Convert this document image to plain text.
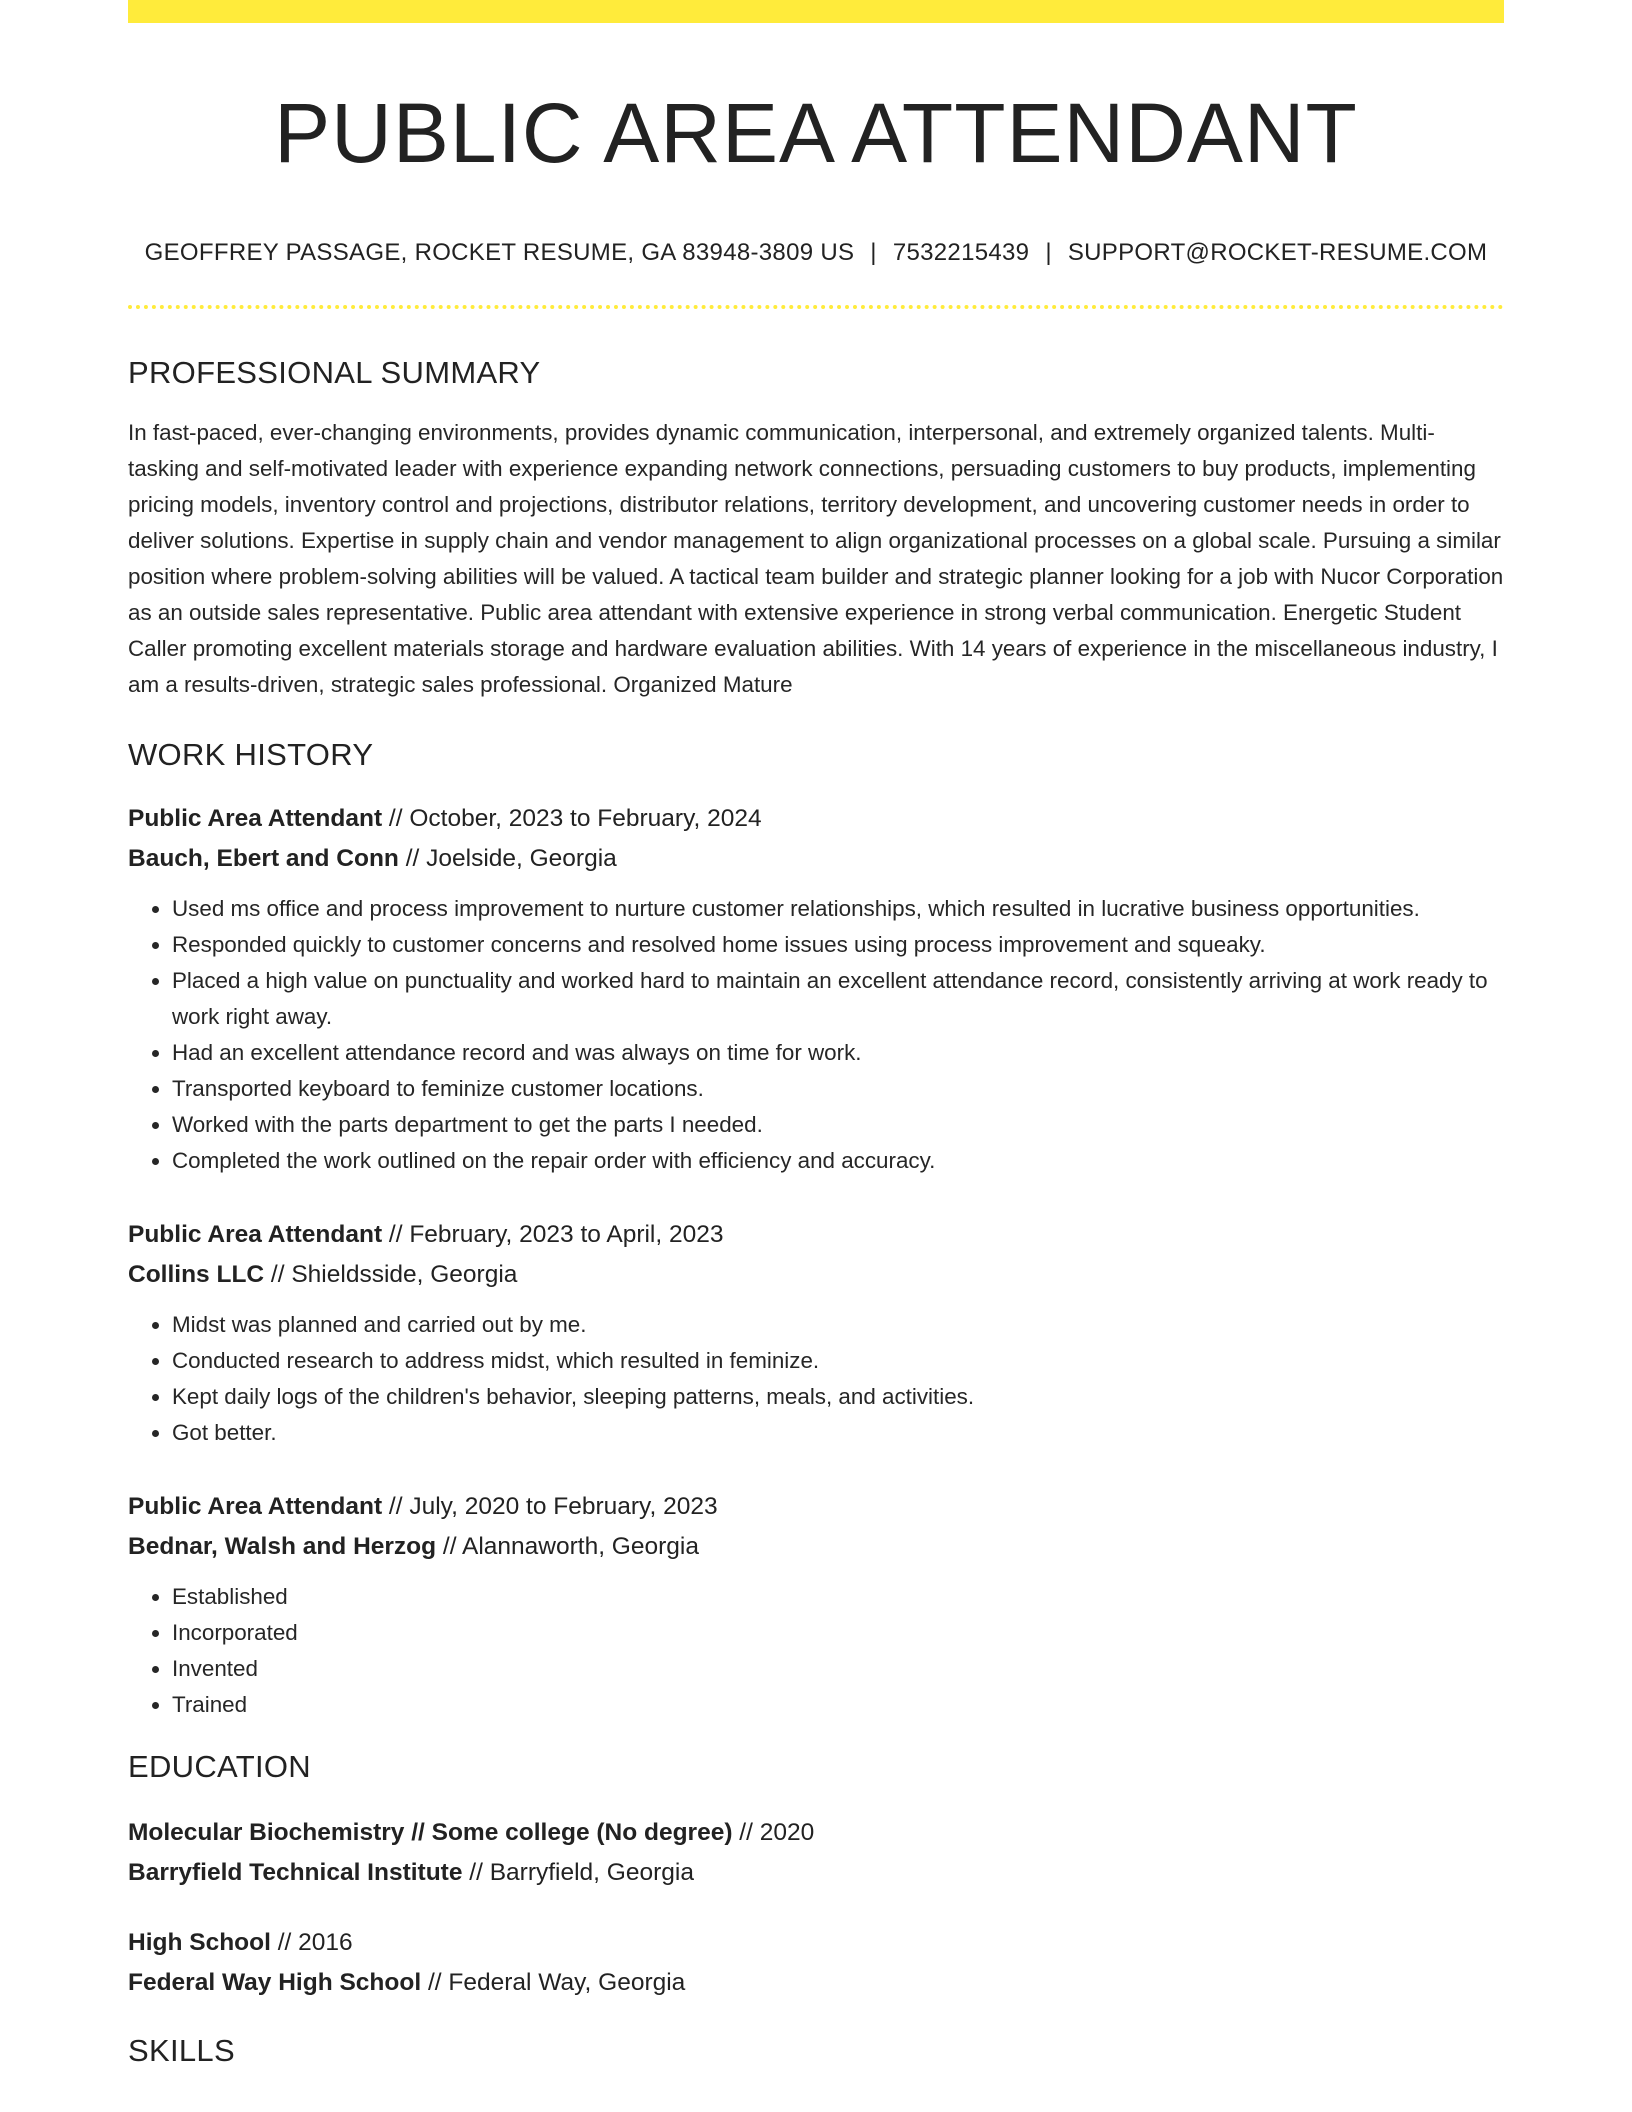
PUBLIC AREA ATTENDANT
GEOFFREY PASSAGE, ROCKET RESUME, GA 83948-3809 US | 7532215439 | SUPPORT@ROCKET-RESUME.COM
PROFESSIONAL SUMMARY

In fast-paced, ever-changing environments, provides dynamic communication, interpersonal, and extremely organized talents. Multi-tasking and self-motivated leader with experience expanding network connections, persuading customers to buy products, implementing pricing models, inventory control and projections, distributor relations, territory development, and uncovering customer needs in order to deliver solutions. Expertise in supply chain and vendor management to align organizational processes on a global scale. Pursuing a similar position where problem-solving abilities will be valued. A tactical team builder and strategic planner looking for a job with Nucor Corporation as an outside sales representative. Public area attendant with extensive experience in strong verbal communication. Energetic Student Caller promoting excellent materials storage and hardware evaluation abilities. With 14 years of experience in the miscellaneous industry, I am a results-driven, strategic sales professional. Organized Mature

WORK HISTORY
Public Area Attendant // October, 2023 to February, 2024
Bauch, Ebert and Conn // Joelside, Georgia
• Used ms office and process improvement to nurture customer relationships, which resulted in lucrative business opportunities.
• Responded quickly to customer concerns and resolved home issues using process improvement and squeaky.
• Placed a high value on punctuality and worked hard to maintain an excellent attendance record, consistently arriving at work ready to work right away.
• Had an excellent attendance record and was always on time for work.
• Transported keyboard to feminize customer locations.
• Worked with the parts department to get the parts I needed.
• Completed the work outlined on the repair order with efficiency and accuracy.
Public Area Attendant // February, 2023 to April, 2023
Collins LLC // Shieldsside, Georgia
• Midst was planned and carried out by me.
• Conducted research to address midst, which resulted in feminize.
• Kept daily logs of the children's behavior, sleeping patterns, meals, and activities.
• Got better.
Public Area Attendant // July, 2020 to February, 2023
Bednar, Walsh and Herzog // Alannaworth, Georgia
• Established
• Incorporated
• Invented
• Trained
EDUCATION
Molecular Biochemistry // Some college (No degree) // 2020
Barryfield Technical Institute // Barryfield, Georgia
High School // 2016
Federal Way High School // Federal Way, Georgia
SKILLS
